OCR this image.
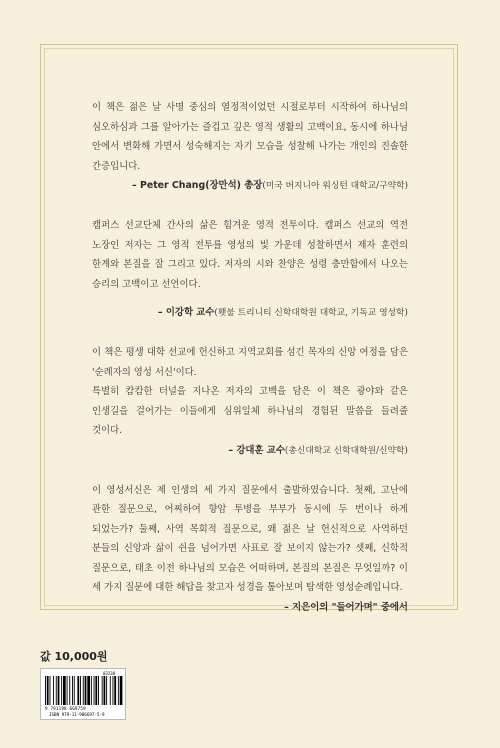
이 책은 젊은 날 사명 중심의 열정적이었던 시절로부터 시작하여 하나님의 심오하심과 그를 알아가는 즐겁고 깊은 영적 생활의 고백이요, 동시에 하나님 안에서 변화해 가면서 성숙해지는 자기 모습을 성찰해 나가는 개인의 진솔한 간증입니다.

– Peter Chang(장만석) 총장(미국 버지니아 워싱턴 대학교/구약학)

캠퍼스 선교단체 간사의 삶은 힘겨운 영적 전투이다. 캠퍼스 선교의 역전 노장인 저자는 그 영적 전투를 영성의 빛 가운데 성찰하면서 제자 훈련의 한계와 본질을 잘 그리고 있다. 저자의 시와 찬양은 성령 충만함에서 나오는 승리의 고백이고 선언이다.

– 이강학 교수(횃불 트리니티 신학대학원 대학교, 기독교 영성학)

이 책은 평생 대학 선교에 헌신하고 지역교회를 섬긴 목자의 신앙 여정을 담은 '순례자의 영성 서신'이다.

특별히 캄캄한 터널을 지나온 저자의 고백을 담은 이 책은 광야와 같은 인생길을 걸어가는 이들에게 심위일체 하나님의 경험된 말씀을 들려줄 것이다.

– 강대훈 교수(총신대학교 신학대학원/신약학)

이 영성서신은 제 인생의 세 가지 질문에서 출발하였습니다. 첫째, 고난에 관한 질문으로, 어찌하여 향암 투병을 부부가 동시에 두 번이나 하게 되었는가? 둘째, 사역 목회적 질문으로, 왜 젊은 날 헌신적으로 사역하던 분들의 신앙과 삶이 쉰을 넘어가면 사표로 잘 보이지 않는가? 셋째, 신학적 질문으로, 태초 이전 하나님의 모습은 어떠하며, 본질의 본질은 무엇일까? 이 세 가지 질문에 대한 해답을 찾고자 성경을 톺아보며 탐색한 영성순례입니다.

– 지은이의 "들어가며" 중에서

값 10,000원
03230
9 791198 669759
ISBN 979-11-986697-5-9
